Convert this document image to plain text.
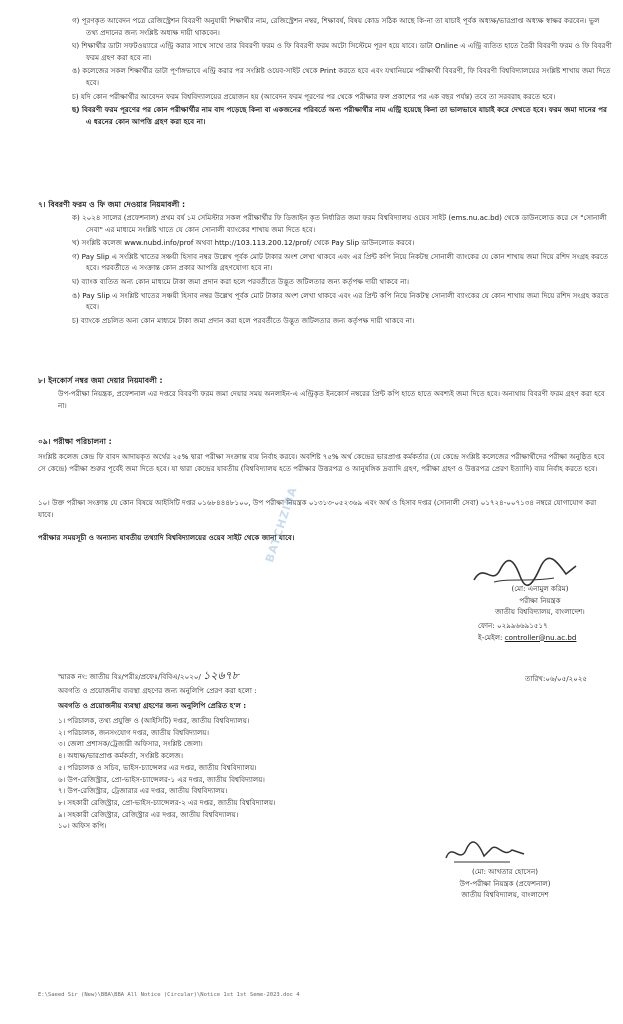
গ) পূরণকৃত আবেদন পত্রে রেজিস্ট্রেশন বিবরণী অনুযায়ী শিক্ষার্থীর নাম, রেজিস্ট্রেশন নম্বর, শিক্ষাবর্ষ, বিষয় কোড সঠিক আছে কি-না তা যাচাই পূর্বক অধ্যক্ষ/ভারপ্রাপ্ত অধ্যক্ষ স্বাক্ষর করবেন। ভুল তথ্য প্রদানের জন্য সংশ্লিষ্ট অধ্যক্ষ দায়ী থাকবেন।
ঘ) শিক্ষার্থীর ডাটা সফটওয়্যারে এন্ট্রি করার সাথে সাথে তার বিবরণী ফরম ও ফি বিবরণী ফরম অটো সিস্টেমে পূরণ হয়ে যাবে। ডাটা Online এ এন্ট্রি ব্যতিত হাতে তৈরী বিবরণী ফরম ও ফি বিবরণী ফরম গ্রহণ করা হবে না।
ঙ) কলেজের সকল শিক্ষার্থীর ডাটা পূর্ণাঙ্গভাবে এন্ট্রি করার পর সংশ্লিষ্ট ওয়েব-সাইট থেকে Print করতে হবে এবং যথানিয়মে পরীক্ষার্থী বিবরণী, ফি বিবরণী বিশ্ববিদ্যালয়ের সংশ্লিষ্ট শাখায় জমা দিতে হবে।
চ) যদি কোন পরীক্ষার্থীর আবেদন ফরম বিশ্ববিদ্যালয়ের প্রয়োজন হয় (আবেদন ফরম পূরণের পর থেকে পরীক্ষার ফল প্রকাশের পর এক বছর পর্যন্ত) তবে তা সরবরাহ করতে হবে।
ছ) বিবরণী ফরম পূরণের পর কোন পরীক্ষার্থীর নাম বাদ পড়েছে কিনা বা একজনের পরিবর্তে অন্য পরীক্ষার্থীর নাম এন্ট্রি হয়েছে কিনা তা ভালভাবে যাচাই করে দেখতে হবে। ফরম জমা দানের পর এ ধরনের কোন আপত্তি গ্রহণ করা হবে না।
৭। বিবরণী ফরম ও ফি জমা দেওয়ার নিয়মাবলী :
ক) ২০২৪ সালের (প্রফেশনাল) প্রথম বর্ষ ১ম সেমিস্টার সকল পরীক্ষার্থীর ফি ডিজাইন কৃত নির্ধারিত জমা ফরম বিশ্ববিদ্যালয় ওয়েব সাইট (ems.nu.ac.bd) থেকে ডাউনলোড করে সে "সোনালী সেবা" এর মাধ্যমে সংশ্লিষ্ট খাতে যে কোন সোনালী ব্যাংকের শাখায় জমা দিতে হবে।
খ) সংশ্লিষ্ট কলেজ www.nubd.info/prof অথবা http://103.113.200.12/prof/ থেকে Pay Slip ডাউনলোড করবে।
গ) Pay Slip এ সংশ্লিষ্ট খাতের সঞ্চয়ী হিসাব নম্বর উল্লেখ পূর্বক মোট টাকার অংশ লেখা থাকবে এবং এর প্রিন্ট কপি নিয়ে নিকটস্থ সোনালী ব্যাংকের যে কোন শাখায় জমা দিয়ে রশিদ সংগ্রহ করতে হবে। পরবর্তীতে এ সংক্রান্ত কোন প্রকার আপত্তি গ্রহণযোগ্য হবে না।
ঘ) ব্যাংক ব্যতিত অন্য কোন মাধ্যমে টাকা জমা প্রদান করা হলে পরবর্তীতে উদ্ভূত জটিলতার জন্য কর্তৃপক্ষ দায়ী থাকবে না।
ঙ) Pay Slip এ সংশ্লিষ্ট খাতের সঞ্চয়ী হিসাব নম্বর উল্লেখ পূর্বক মোট টাকার অংশ লেখা থাকবে এবং এর প্রিন্ট কপি নিয়ে নিকটস্থ সোনালী ব্যাংকের যে কোন শাখায় জমা দিয়ে রশিদ সংগ্রহ করতে হবে।
চ) ব্যাংকে প্রচলিত অন্য কোন মাধ্যমে টাকা জমা প্রদান করা হলে পরবর্তীতে উদ্ভূত জটিলতার জন্য কর্তৃপক্ষ দায়ী থাকবে না।
৮। ইনকোর্স নম্বর জমা দেয়ার নিয়মাবলী :
উপ-পরীক্ষা নিয়ন্ত্রক, প্রফেশনাল এর দপ্তরে বিবরণী ফরম জমা দেয়ার সময় অনলাইন-এ এন্ট্রিকৃত ইনকোর্স নম্বরের প্রিন্ট কপি হাতে হাতে অবশ্যই জমা দিতে হবে। অন্যথায় বিবরণী ফরম গ্রহণ করা হবে না।
০৯। পরীক্ষা পরিচালনা :
সংশ্লিষ্ট কলেজ কেন্দ্র ফি বাবদ আদায়কৃত অর্থের ২৫% দ্বারা পরীক্ষা সংক্রান্ত ব্যয় নির্বাহ করবে। অবশিষ্ট ৭৫% অর্থ কেন্দ্রের ভারপ্রাপ্ত কর্মকর্তার (যে কেন্দ্রে সংশ্লিষ্ট কলেজের পরীক্ষার্থীদের পরীক্ষা অনুষ্ঠিত হবে সে কেন্দ্রে) পরীক্ষা শুরুর পূর্বেই জমা দিতে হবে। যা দ্বারা কেন্দ্রের যাবতীয় (বিশ্ববিদ্যালয় হতে পরীক্ষার উত্তরপত্র ও আনুষঙ্গিক দ্রব্যাদি গ্রহণ, পরীক্ষা গ্রহণ ও উত্তরপত্র প্রেরণ ইত্যাদি) ব্যয় নির্বাহ করতে হবে।
১০। উক্ত পরীক্ষা সংক্রান্ত যে কোন বিষয়ে আইসিটি দপ্তর ০১৬৮৪৪৪৮১০০, উপ পরীক্ষা নিয়ন্ত্রক ০১৩১৩-০৫২৩৬৯ এবং অর্থ ও হিসাব দপ্তর (সোনালী সেবা) ০১৭২৪-০০৭১৩৪ নম্বরে যোগাযোগ করা যাবে।
পরীক্ষার সময়সূচী ও অন্যান্য যাবতীয় তথ্যাদি বিশ্ববিদ্যালয়ের ওয়েব সাইট থেকে জানা যাবে।
BATCHZIBA
(মো: এনামুল করিম)
পরীক্ষা নিয়ন্ত্রক
জাতীয় বিশ্ববিদ্যালয়, বাংলাদেশ।
ফোন: ০২৯৯৬৬৯১৫১৭
ই-মেইল: controller@nu.ac.bd
স্মারক নং: জাতীয় বিঃ/পরীঃ/প্রফেঃ/বিবিএ/২০২০/ ১২৬৭৮	তারিখ:০৬/০৫/২০২৫
অবগতি ও প্রয়োজনীয় ব্যবস্থা গ্রহণের জন্য অনুলিপি প্রেরণ করা হলো :
অবগতি ও প্রয়োজনীয় ব্যবস্থা গ্রহণের জন্য অনুলিপি প্রেরিত হ'ল :
১। পরিচালক, তথ্য প্রযুক্তি ও (আইসিটি) দপ্তর, জাতীয় বিশ্ববিদ্যালয়।
২। পরিচালক, জনসংযোগ দপ্তর, জাতীয় বিশ্ববিদ্যালয়।
৩। জেলা প্রশাসক/ট্রেজারী অফিসার, সংশ্লিষ্ট জেলা।
৪। অধ্যক্ষ/ভারপ্রাপ্ত কর্মকর্তা, সংশ্লিষ্ট কলেজ।
৫। পরিচালক ও সচিব, ভাইস-চ্যান্সেলর এর দপ্তর, জাতীয় বিশ্ববিদ্যালয়।
৬। উপ-রেজিস্ট্রার, প্রো-ভাইস-চ্যান্সেলর-১ এর দপ্তর, জাতীয় বিশ্ববিদ্যালয়।
৭। উপ-রেজিস্ট্রার, ট্রেজারার এর দপ্তর, জাতীয় বিশ্ববিদ্যালয়।
৮। সহকারী রেজিস্ট্রার, প্রো-ভাইস-চ্যান্সেলর-২ এর দপ্তর, জাতীয় বিশ্ববিদ্যালয়।
৯। সহকারী রেজিস্ট্রার, রেজিস্ট্রার এর দপ্তর, জাতীয় বিশ্ববিদ্যালয়।
১০। অফিস কপি।
(মো: আখতার হোসেন)
উপ-পরীক্ষা নিয়ন্ত্রক (প্রফেশনাল)
জাতীয় বিশ্ববিদ্যালয়, বাংলাদেশ
E:\Saeed Sir (New)\BBA\BBA All Notice (Circular)\Notice 1st 1st Seme-2023.doc 4
